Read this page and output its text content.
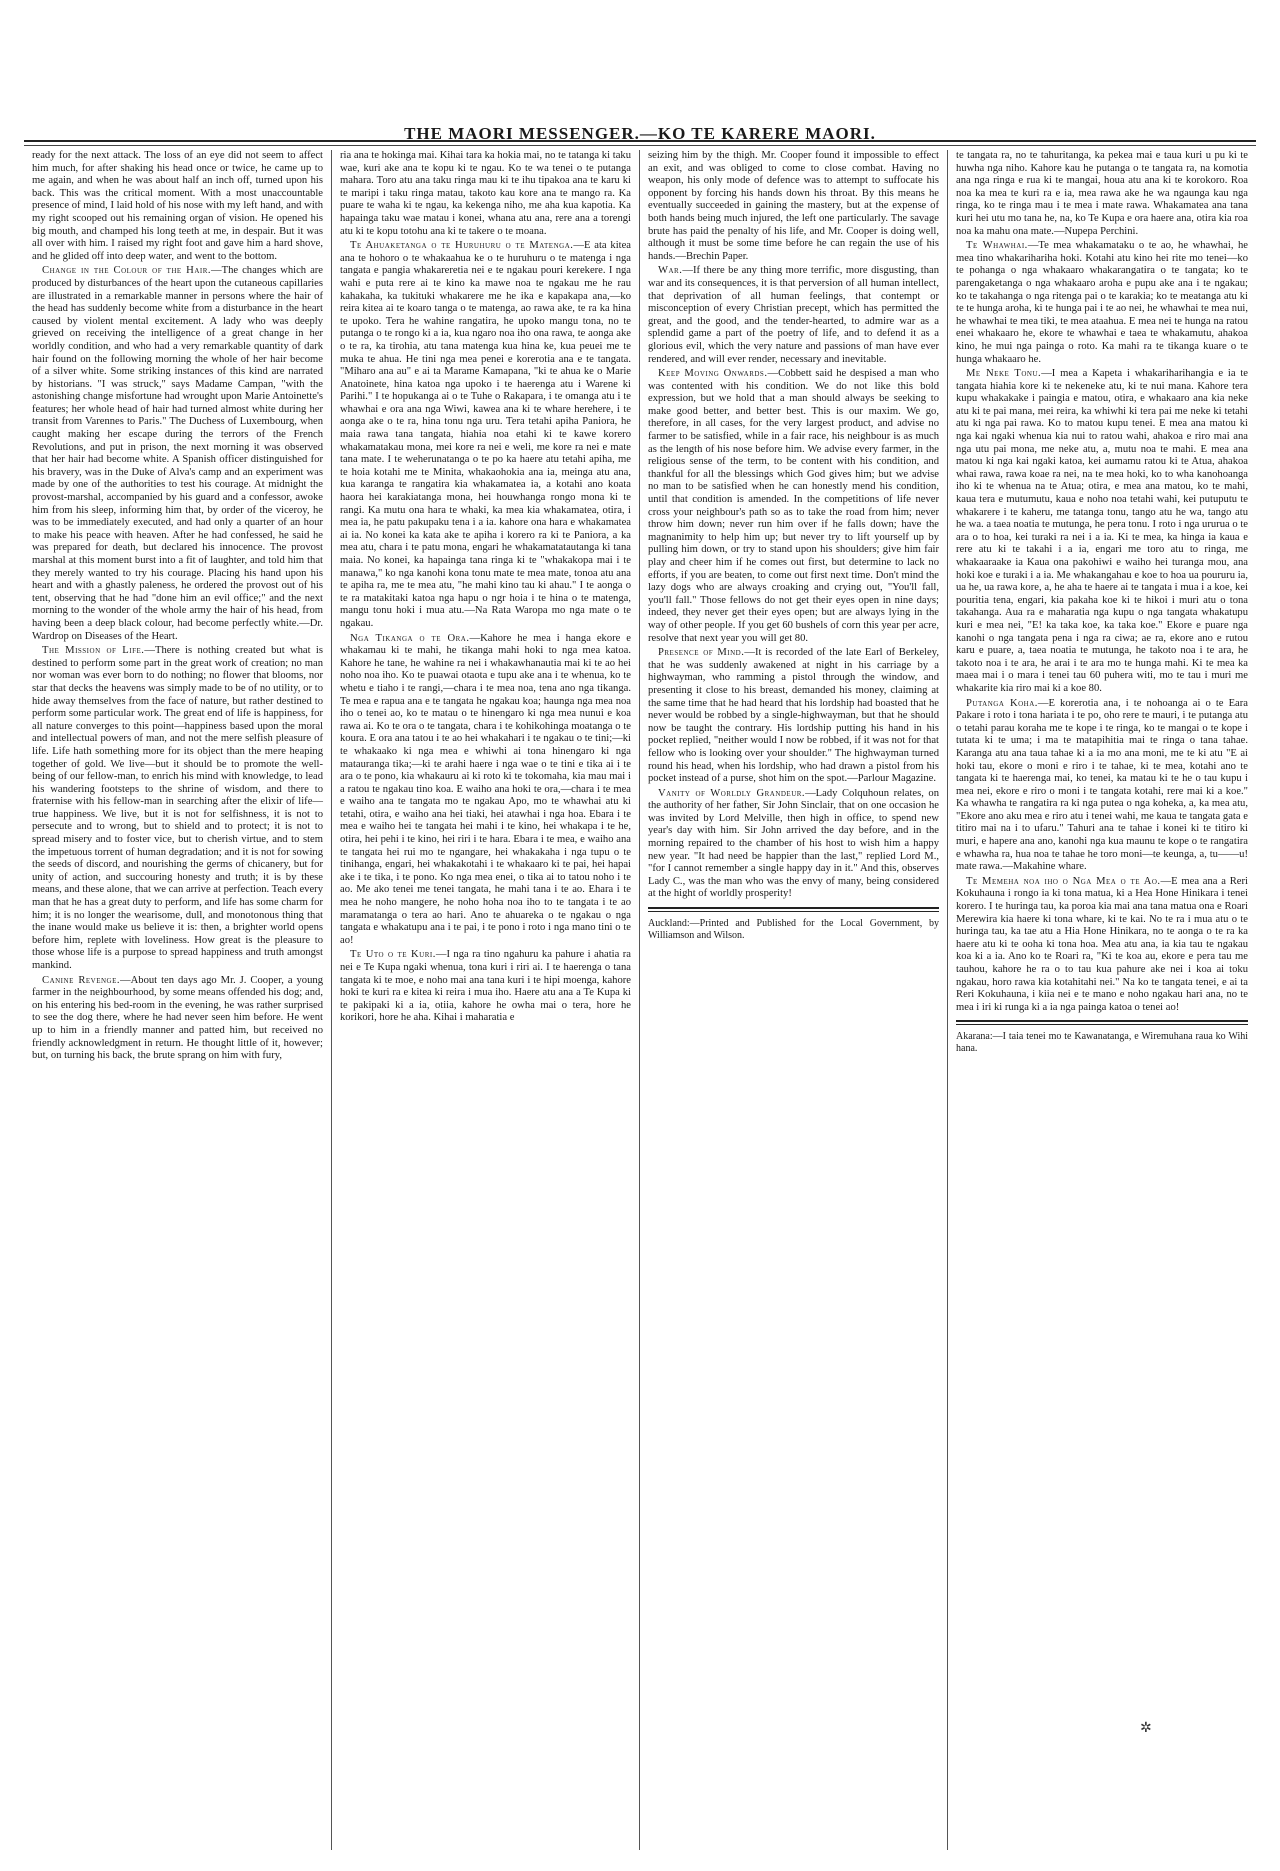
THE MAORI MESSENGER.—KO TE KARERE MAORI.

ready for the next attack. The loss of an eye did not seem to affect him much, for after shaking his head once or twice, he came up to me again, and when he was about half an inch off, turned upon his back. This was the critical moment. With a most unaccountable presence of mind, I laid hold of his nose with my left hand, and with my right scooped out his remaining organ of vision. He opened his big mouth, and champed his long teeth at me, in despair. But it was all over with him. I raised my right foot and gave him a hard shove, and he glided off into deep water, and went to the bottom.

Change in the Colour of the Hair.—The changes which are produced by disturbances of the heart upon the cutaneous capillaries are illustrated in a remarkable manner in persons where the hair of the head has suddenly become white from a disturbance in the heart caused by violent mental excitement. A lady who was deeply grieved on receiving the intelligence of a great change in her worldly condition, and who had a very remarkable quantity of dark hair found on the following morning the whole of her hair become of a silver white. Some striking instances of this kind are narrated by historians. "I was struck," says Madame Campan, "with the astonishing change misfortune had wrought upon Marie Antoinette's features; her whole head of hair had turned almost white during her transit from Varennes to Paris." The Duchess of Luxembourg, when caught making her escape during the terrors of the French Revolutions, and put in prison, the next morning it was observed that her hair had become white. A Spanish officer distinguished for his bravery, was in the Duke of Alva's camp and an experiment was made by one of the authorities to test his courage. At midnight the provost-marshal, accompanied by his guard and a confessor, awoke him from his sleep, informing him that, by order of the viceroy, he was to be immediately executed, and had only a quarter of an hour to make his peace with heaven. After he had confessed, he said he was prepared for death, but declared his innocence. The provost marshal at this moment burst into a fit of laughter, and told him that they merely wanted to try his courage. Placing his hand upon his heart and with a ghastly paleness, he ordered the provost out of his tent, observing that he had "done him an evil office;" and the next morning to the wonder of the whole army the hair of his head, from having been a deep black colour, had become perfectly white.—Dr. Wardrop on Diseases of the Heart.

The Mission of Life.—There is nothing created but what is destined to perform some part in the great work of creation; no man nor woman was ever born to do nothing; no flower that blooms, nor star that decks the heavens was simply made to be of no utility, or to hide away themselves from the face of nature, but rather destined to perform some particular work. The great end of life is happiness, for all nature converges to this point—happiness based upon the moral and intellectual powers of man, and not the mere selfish pleasure of life. Life hath something more for its object than the mere heaping together of gold. We live—but it should be to promote the well-being of our fellow-man, to enrich his mind with knowledge, to lead his wandering footsteps to the shrine of wisdom, and there to fraternise with his fellow-man in searching after the elixir of life—true happiness. We live, but it is not for selfishness, it is not to persecute and to wrong, but to shield and to protect; it is not to spread misery and to foster vice, but to cherish virtue, and to stem the impetuous torrent of human degradation; and it is not for sowing the seeds of discord, and nourishing the germs of chicanery, but for unity of action, and succouring honesty and truth; it is by these means, and these alone, that we can arrive at perfection. Teach every man that he has a great duty to perform, and life has some charm for him; it is no longer the wearisome, dull, and monotonous thing that the inane would make us believe it is: then, a brighter world opens before him, replete with loveliness. How great is the pleasure to those whose life is a purpose to spread happiness and truth amongst mankind.

Canine Revenge.—About ten days ago Mr. J. Cooper, a young farmer in the neighbourhood, by some means offended his dog; and, on his entering his bed-room in the evening, he was rather surprised to see the dog there, where he had never seen him before. He went up to him in a friendly manner and patted him, but received no friendly acknowledgment in return. He thought little of it, however; but, on turning his back, the brute sprang on him with fury,

ria ana te hokinga mai. Kihai tara ka hokia mai, no te tatanga ki taku wae, kuri ake ana te kopu ki te ngau. Ko te wa tenei o te putanga mahara. Toro atu ana taku ringa mau ki te ihu tipakoa ana te karu ki te maripi i taku ringa matau, takoto kau kore ana te mango ra. Ka puare te waha ki te ngau, ka kekenga niho, me aha kua kapotia. Ka hapainga taku wae matau i konei, whana atu ana, rere ana a torengi atu ki te kopu totohu ana ki te takere o te moana.

Te Ahuaketanga o te Huruhuru o te Matenga.—E ata kitea ana te hohoro o te whakaahua ke o te huruhuru o te matenga i nga tangata e pangia whakareretia nei e te ngakau pouri kerekere. I nga wahi e puta rere ai te kino ka mawe noa te ngakau me he rau kahakaha, ka tukituki whakarere me he ika e kapakapa ana,—ko reira kitea ai te koaro tanga o te matenga, ao rawa ake, te ra ka hina te upoko. Tera he wahine rangatira, he upoko mangu tona, no te putanga o te rongo ki a ia, kua ngaro noa iho ona rawa, te aonga ake o te ra, ka tirohia, atu tana matenga kua hina ke, kua peuei me te muka te ahua. He tini nga mea penei e korerotia ana e te tangata. "Miharo ana au" e ai ta Marame Kamapana, "ki te ahua ke o Marie Anatoinete, hina katoa nga upoko i te haerenga atu i Warene ki Parihi." I te hopukanga ai o te Tuhe o Rakapara, i te omanga atu i te whawhai e ora ana nga Wiwi, kawea ana ki te whare herehere, i te aonga ake o te ra, hina tonu nga uru. Tera tetahi apiha Paniora, he maia rawa tana tangata, hiahia noa etahi ki te kawe korero whakamatakau mona, mei kore ra nei e weli, me kore ra nei e mate tana mate. I te weherunatanga o te po ka haere atu tetahi apiha, me te hoia kotahi me te Minita, whakaohokia ana ia, meinga atu ana, kua karanga te rangatira kia whakamatea ia, a kotahi ano koata haora hei karakiatanga mona, hei houwhanga rongo mona ki te rangi. Ka mutu ona hara te whaki, ka mea kia whakamatea, otira, i mea ia, he patu pakupaku tena i a ia. kahore ona hara e whakamatea ai ia. No konei ka kata ake te apiha i korero ra ki te Paniora, a ka mea atu, chara i te patu mona, engari he whakamatatautanga ki tana maia. No konei, ka hapainga tana ringa ki te "whakakopa mai i te manawa," ko nga kanohi kona tonu mate te mea mate, tonoa atu ana te apiha ra, me te mea atu, "he mahi kino tau ki ahau." I te aonga o te ra matakitaki katoa nga hapu o ngr hoia i te hina o te matenga, mangu tonu hoki i mua atu.—Na Rata Waropa mo nga mate o te ngakau.

Nga Tikanga o te Ora.—Kahore he mea i hanga ekore e whakamau ki te mahi, he tikanga mahi hoki to nga mea katoa. Kahore he tane, he wahine ra nei i whakawhanautia mai ki te ao hei noho noa iho. Ko te puawai otaota e tupu ake ana i te whenua, ko te whetu e tiaho i te rangi,—chara i te mea noa, tena ano nga tikanga. Te mea e rapua ana e te tangata he ngakau koa; haunga nga mea noa iho o tenei ao, ko te matau o te hinengaro ki nga mea nunui e koa rawa ai. Ko te ora o te tangata, chara i te kohikohinga moatanga o te koura. E ora ana tatou i te ao hei whakahari i te ngakau o te tini;—ki te whakaako ki nga mea e whiwhi ai tona hinengaro ki nga matauranga tika;—ki te arahi haere i nga wae o te tini e tika ai i te ara o te pono, kia whakauru ai ki roto ki te tokomaha, kia mau mai i a ratou te ngakau tino koa. E waiho ana hoki te ora,—chara i te mea e waiho ana te tangata mo te ngakau Apo, mo te whawhai atu ki tetahi, otira, e waiho ana hei tiaki, hei atawhai i nga hoa. Ebara i te mea e waiho hei te tangata hei mahi i te kino, hei whakapa i te he, otira, hei pehi i te kino, hei riri i te hara. Ebara i te mea, e waiho ana te tangata hei rui mo te ngangare, hei whakakaha i nga tupu o te tinihanga, engari, hei whakakotahi i te whakaaro ki te pai, hei hapai ake i te tika, i te pono. Ko nga mea enei, o tika ai to tatou noho i te ao. Me ako tenei me tenei tangata, he mahi tana i te ao. Ehara i te mea he noho mangere, he noho hoha noa iho to te tangata i te ao maramatanga o tera ao hari. Ano te ahuareka o te ngakau o nga tangata e whakatupu ana i te pai, i te pono i roto i nga mano tini o te ao!

Te Uto o te Kuri.—I nga ra tino ngahuru ka pahure i ahatia ra nei e Te Kupa ngaki whenua, tona kuri i riri ai. I te haerenga o tana tangata ki te moe, e noho mai ana tana kuri i te hipi moenga, kahore hoki te kuri ra e kitea ki reira i mua iho. Haere atu ana a Te Kupa ki te pakipaki ki a ia, otiia, kahore he owha mai o tera, hore he korikori, hore he aha. Kihai i maharatia e

seizing him by the thigh. Mr. Cooper found it impossible to effect an exit, and was obliged to come to close combat. Having no weapon, his only mode of defence was to attempt to suffocate his opponent by forcing his hands down his throat. By this means he eventually succeeded in gaining the mastery, but at the expense of both hands being much injured, the left one particularly. The savage brute has paid the penalty of his life, and Mr. Cooper is doing well, although it must be some time before he can regain the use of his hands.—Brechin Paper.

War.—If there be any thing more terrific, more disgusting, than war and its consequences, it is that perversion of all human intellect, that deprivation of all human feelings, that contempt or misconception of every Christian precept, which has permitted the great, and the good, and the tender-hearted, to admire war as a splendid game a part of the poetry of life, and to defend it as a glorious evil, which the very nature and passions of man have ever rendered, and will ever render, necessary and inevitable.

Keep Moving Onwards.—Cobbett said he despised a man who was contented with his condition. We do not like this bold expression, but we hold that a man should always be seeking to make good better, and better best. This is our maxim. We go, therefore, in all cases, for the very largest product, and advise no farmer to be satisfied, while in a fair race, his neighbour is as much as the length of his nose before him. We advise every farmer, in the religious sense of the term, to be content with his condition, and thankful for all the blessings which God gives him; but we advise no man to be satisfied when he can honestly mend his condition, until that condition is amended. In the competitions of life never cross your neighbour's path so as to take the road from him; never throw him down; never run him over if he falls down; have the magnanimity to help him up; but never try to lift yourself up by pulling him down, or try to stand upon his shoulders; give him fair play and cheer him if he comes out first, but determine to lack no efforts, if you are beaten, to come out first next time. Don't mind the lazy dogs who are always croaking and crying out, "You'll fall, you'll fall." Those fellows do not get their eyes open in nine days; indeed, they never get their eyes open; but are always lying in the way of other people. If you get 60 bushels of corn this year per acre, resolve that next year you will get 80.

Presence of Mind.—It is recorded of the late Earl of Berkeley, that he was suddenly awakened at night in his carriage by a highwayman, who ramming a pistol through the window, and presenting it close to his breast, demanded his money, claiming at the same time that he had heard that his lordship had boasted that he never would be robbed by a single-highwayman, but that he should now be taught the contrary. His lordship putting his hand in his pocket replied, "neither would I now be robbed, if it was not for that fellow who is looking over your shoulder." The highwayman turned round his head, when his lordship, who had drawn a pistol from his pocket instead of a purse, shot him on the spot.—Parlour Magazine.

Vanity of Worldly Grandeur.—Lady Colquhoun relates, on the authority of her father, Sir John Sinclair, that on one occasion he was invited by Lord Melville, then high in office, to spend new year's day with him. Sir John arrived the day before, and in the morning repaired to the chamber of his host to wish him a happy new year. "It had need be happier than the last," replied Lord M., "for I cannot remember a single happy day in it." And this, observes Lady C., was the man who was the envy of many, being considered at the hight of worldly prosperity!

Auckland:—Printed and Published for the Local Government, by Williamson and Wilson.

te tangata ra, no te tahuritanga, ka pekea mai e taua kuri u pu ki te huwha nga niho. Kahore kau he putanga o te tangata ra, na komotia ana nga ringa e rua ki te mangai, houa atu ana ki te korokoro. Roa noa ka mea te kuri ra e ia, mea rawa ake he wa ngaunga kau nga ringa, ko te ringa mau i te mea i mate rawa. Whakamatea ana tana kuri hei utu mo tana he, na, ko Te Kupa e ora haere ana, otira kia roa noa ka mahu ona mate.—Nupepa Perchini.

Te Whawhai.—Te mea whakamataku o te ao, he whawhai, he mea tino whakarihariha hoki. Kotahi atu kino hei rite mo tenei—ko te pohanga o nga whakaaro whakarangatira o te tangata; ko te parengaketanga o nga whakaaro aroha e pupu ake ana i te ngakau; ko te takahanga o nga ritenga pai o te karakia; ko te meatanga atu ki te te hunga aroha, ki te hunga pai i te ao nei, he whawhai te mea nui, he whawhai te mea tiki, te mea ataahua. E mea nei te hunga na ratou enei whakaaro he, ekore te whawhai e taea te whakamutu, ahakoa kino, he mui nga painga o roto. Ka mahi ra te tikanga kuare o te hunga whakaaro he.

Me Neke Tonu.—I mea a Kapeta i whakariharihangia e ia te tangata hiahia kore ki te nekeneke atu, ki te nui mana. Kahore tera kupu whakakake i paingia e matou, otira, e whakaaro ana kia neke atu ki te pai mana, mei reira, ka whiwhi ki tera pai me neke ki tetahi atu ki nga pai rawa. Ko to matou kupu tenei. E mea ana matou ki nga kai ngaki whenua kia nui to ratou wahi, ahakoa e riro mai ana nga utu pai mona, me neke atu, a, mutu noa te mahi. E mea ana matou ki nga kai ngaki katoa, kei aumamu ratou ki te Atua, ahakoa whai rawa, rawa koae ra nei, na te mea hoki, ko to wha kanohoanga iho ki te whenua na te Atua; otira, e mea ana matou, ko te mahi, kaua tera e mutumutu, kaua e noho noa tetahi wahi, kei putuputu te whakarere i te kaheru, me tatanga tonu, tango atu he wa, tango atu he wa. a taea noatia te mutunga, he pera tonu. I roto i nga ururua o te ara o to hoa, kei turaki ra nei i a ia. Ki te mea, ka hinga ia kaua e rere atu ki te takahi i a ia, engari me toro atu to ringa, me whakaaraake ia Kaua ona pakohiwi e waiho hei turanga mou, ana hoki koe e turaki i a ia. Me whakangahau e koe to hoa ua poururu ia, ua he, ua rawa kore, a, he aha te haere ai te tangata i mua i a koe, kei pouritia tena, engari, kia pakaha koe ki te hikoi i muri atu o tona takahanga. Aua ra e maharatia nga kupu o nga tangata whakatupu kuri e mea nei, "E! ka taka koe, ka taka koe." Ekore e puare nga kanohi o nga tangata pena i nga ra ciwa; ae ra, ekore ano e rutou karu e puare, a, taea noatia te mutunga, he takoto noa i te ara, he takoto noa i te ara, he arai i te ara mo te hunga mahi. Ki te mea ka maea mai i o mara i tenei tau 60 puhera witi, mo te tau i muri me whakarite kia riro mai ki a koe 80.

Putanga Koha.—E korerotia ana, i te nohoanga ai o te Eara Pakare i roto i tona hariata i te po, oho rere te mauri, i te putanga atu o tetahi parau koraha me te kope i te ringa, ko te mangai o te kope i tutata ki te uma; i ma te matapihitia mai te ringa o tana tahae. Karanga atu ana taua tahae ki a ia mo ana moni, me te ki atu "E ai hoki tau, ekore o moni e riro i te tahae, ki te mea, kotahi ano te tangata ki te haerenga mai, ko tenei, ka matau ki te he o tau kupu i mea nei, ekore e riro o moni i te tangata kotahi, rere mai ki a koe." Ka whawha te rangatira ra ki nga putea o nga koheka, a, ka mea atu, "Ekore ano aku mea e riro atu i tenei wahi, me kaua te tangata gata e titiro mai na i to ufaru." Tahuri ana te tahae i konei ki te titiro ki muri, e hapere ana ano, kanohi nga kua maunu te kope o te rangatira e whawha ra, hua noa te tahae he toro moni—te keunga, a, tu——u! mate rawa.—Makahine whare.

Te Memeha noa iho o Nga Mea o te Ao.—E mea ana a Reri Kokuhauna i rongo ia ki tona matua, ki a Hea Hone Hinikara i tenei korero. I te huringa tau, ka poroa kia mai ana tana matua ona e Roari Merewira kia haere ki tona whare, ki te kai. No te ra i mua atu o te huringa tau, ka tae atu a Hia Hone Hinikara, no te aonga o te ra ka haere atu ki te ooha ki tona hoa. Mea atu ana, ia kia tau te ngakau koa ki a ia. Ano ko te Roari ra, "Ki te koa au, ekore e pera tau me tauhou, kahore he ra o to tau kua pahure ake nei i koa ai toku ngakau, horo rawa kia kotahitahi nei." Na ko te tangata tenei, e ai ta Reri Kokuhauna, i kiia nei e te mano e noho ngakau hari ana, no te mea i iri ki runga ki a ia nga painga katoa o tenei ao!

Akarana:—I taia tenei mo te Kawanatanga, e Wiremuhana raua ko Wihi hana.

✲
